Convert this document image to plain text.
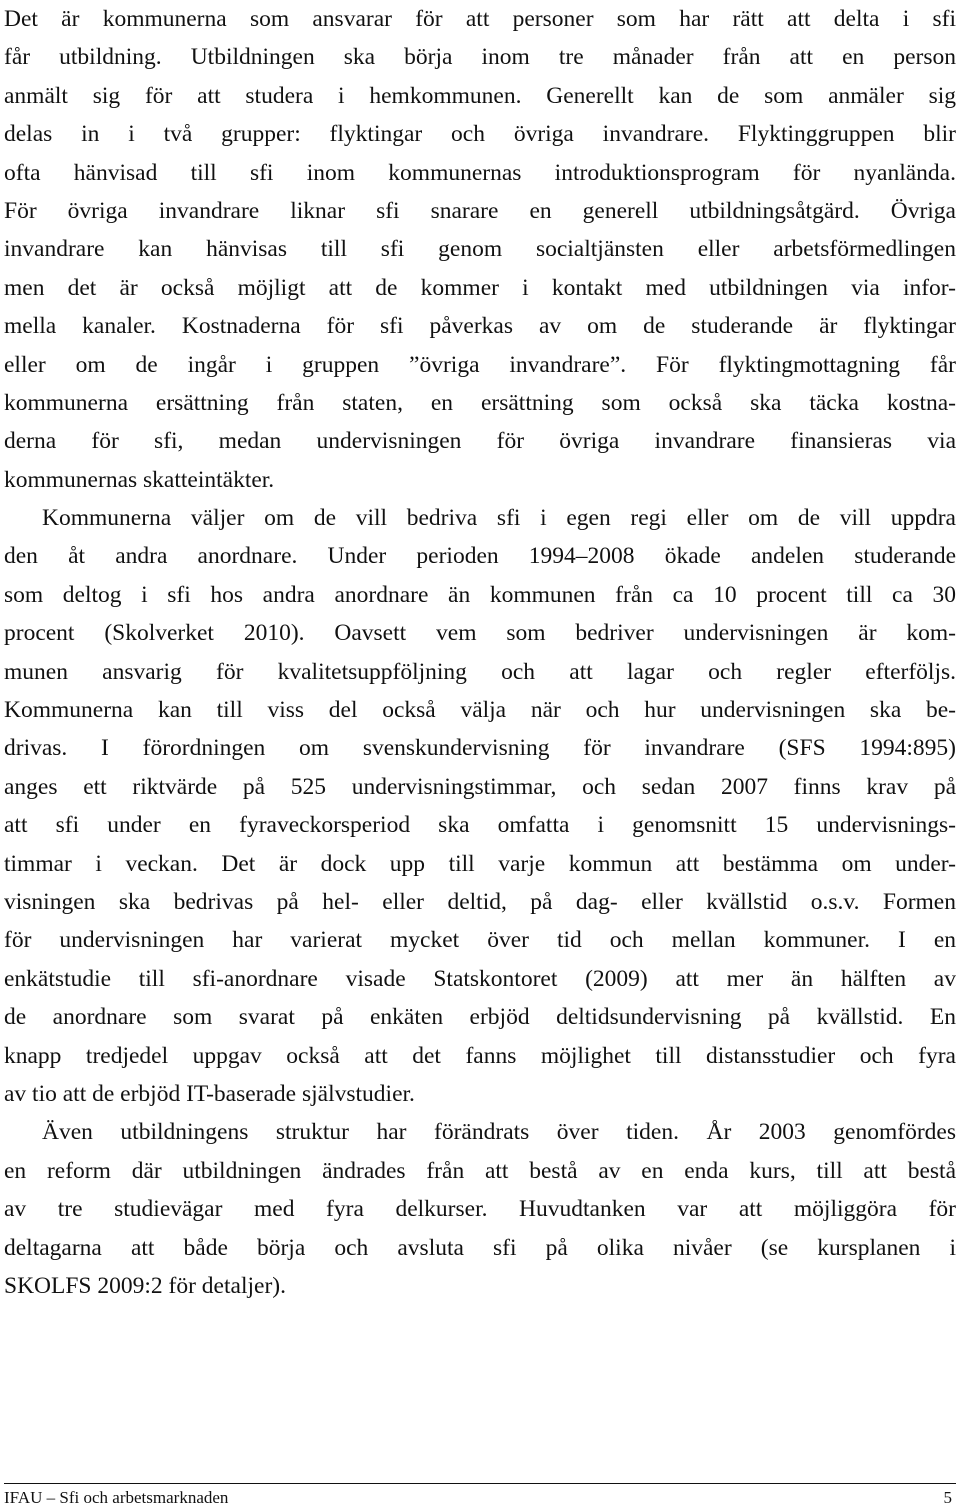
Det är kommunerna som ansvarar för att personer som har rätt att delta i sfi
får utbildning. Utbildningen ska börja inom tre månader från att en person
anmält sig för att studera i hemkommunen. Generellt kan de som anmäler sig
delas in i två grupper: flyktingar och övriga invandrare. Flyktinggruppen blir
ofta hänvisad till sfi inom kommunernas introduktionsprogram för nyanlända.
För övriga invandrare liknar sfi snarare en generell utbildningsåtgärd. Övriga
invandrare kan hänvisas till sfi genom socialtjänsten eller arbetsförmedlingen
men det är också möjligt att de kommer i kontakt med utbildningen via infor-
mella kanaler. Kostnaderna för sfi påverkas av om de studerande är flyktingar
eller om de ingår i gruppen ”övriga invandrare”. För flyktingmottagning får
kommunerna ersättning från staten, en ersättning som också ska täcka kostna-
derna för sfi, medan undervisningen för övriga invandrare finansieras via
kommunernas skatteintäkter.
Kommunerna väljer om de vill bedriva sfi i egen regi eller om de vill uppdra
den åt andra anordnare. Under perioden 1994–2008 ökade andelen studerande
som deltog i sfi hos andra anordnare än kommunen från ca 10 procent till ca 30
procent (Skolverket 2010). Oavsett vem som bedriver undervisningen är kom-
munen ansvarig för kvalitetsuppföljning och att lagar och regler efterföljs.
Kommunerna kan till viss del också välja när och hur undervisningen ska be-
drivas. I förordningen om svenskundervisning för invandrare (SFS 1994:895)
anges ett riktvärde på 525 undervisningstimmar, och sedan 2007 finns krav på
att sfi under en fyraveckorsperiod ska omfatta i genomsnitt 15 undervisnings-
timmar i veckan. Det är dock upp till varje kommun att bestämma om under-
visningen ska bedrivas på hel- eller deltid, på dag- eller kvällstid o.s.v. Formen
för undervisningen har varierat mycket över tid och mellan kommuner. I en
enkätstudie till sfi-anordnare visade Statskontoret (2009) att mer än hälften av
de anordnare som svarat på enkäten erbjöd deltidsundervisning på kvällstid. En
knapp tredjedel uppgav också att det fanns möjlighet till distansstudier och fyra
av tio att de erbjöd IT-baserade självstudier.
Även utbildningens struktur har förändrats över tiden. År 2003 genomfördes
en reform där utbildningen ändrades från att bestå av en enda kurs, till att bestå
av tre studievägar med fyra delkurser. Huvudtanken var att möjliggöra för
deltagarna att både börja och avsluta sfi på olika nivåer (se kursplanen i
SKOLFS 2009:2 för detaljer).
IFAU – Sfi och arbetsmarknaden	5
